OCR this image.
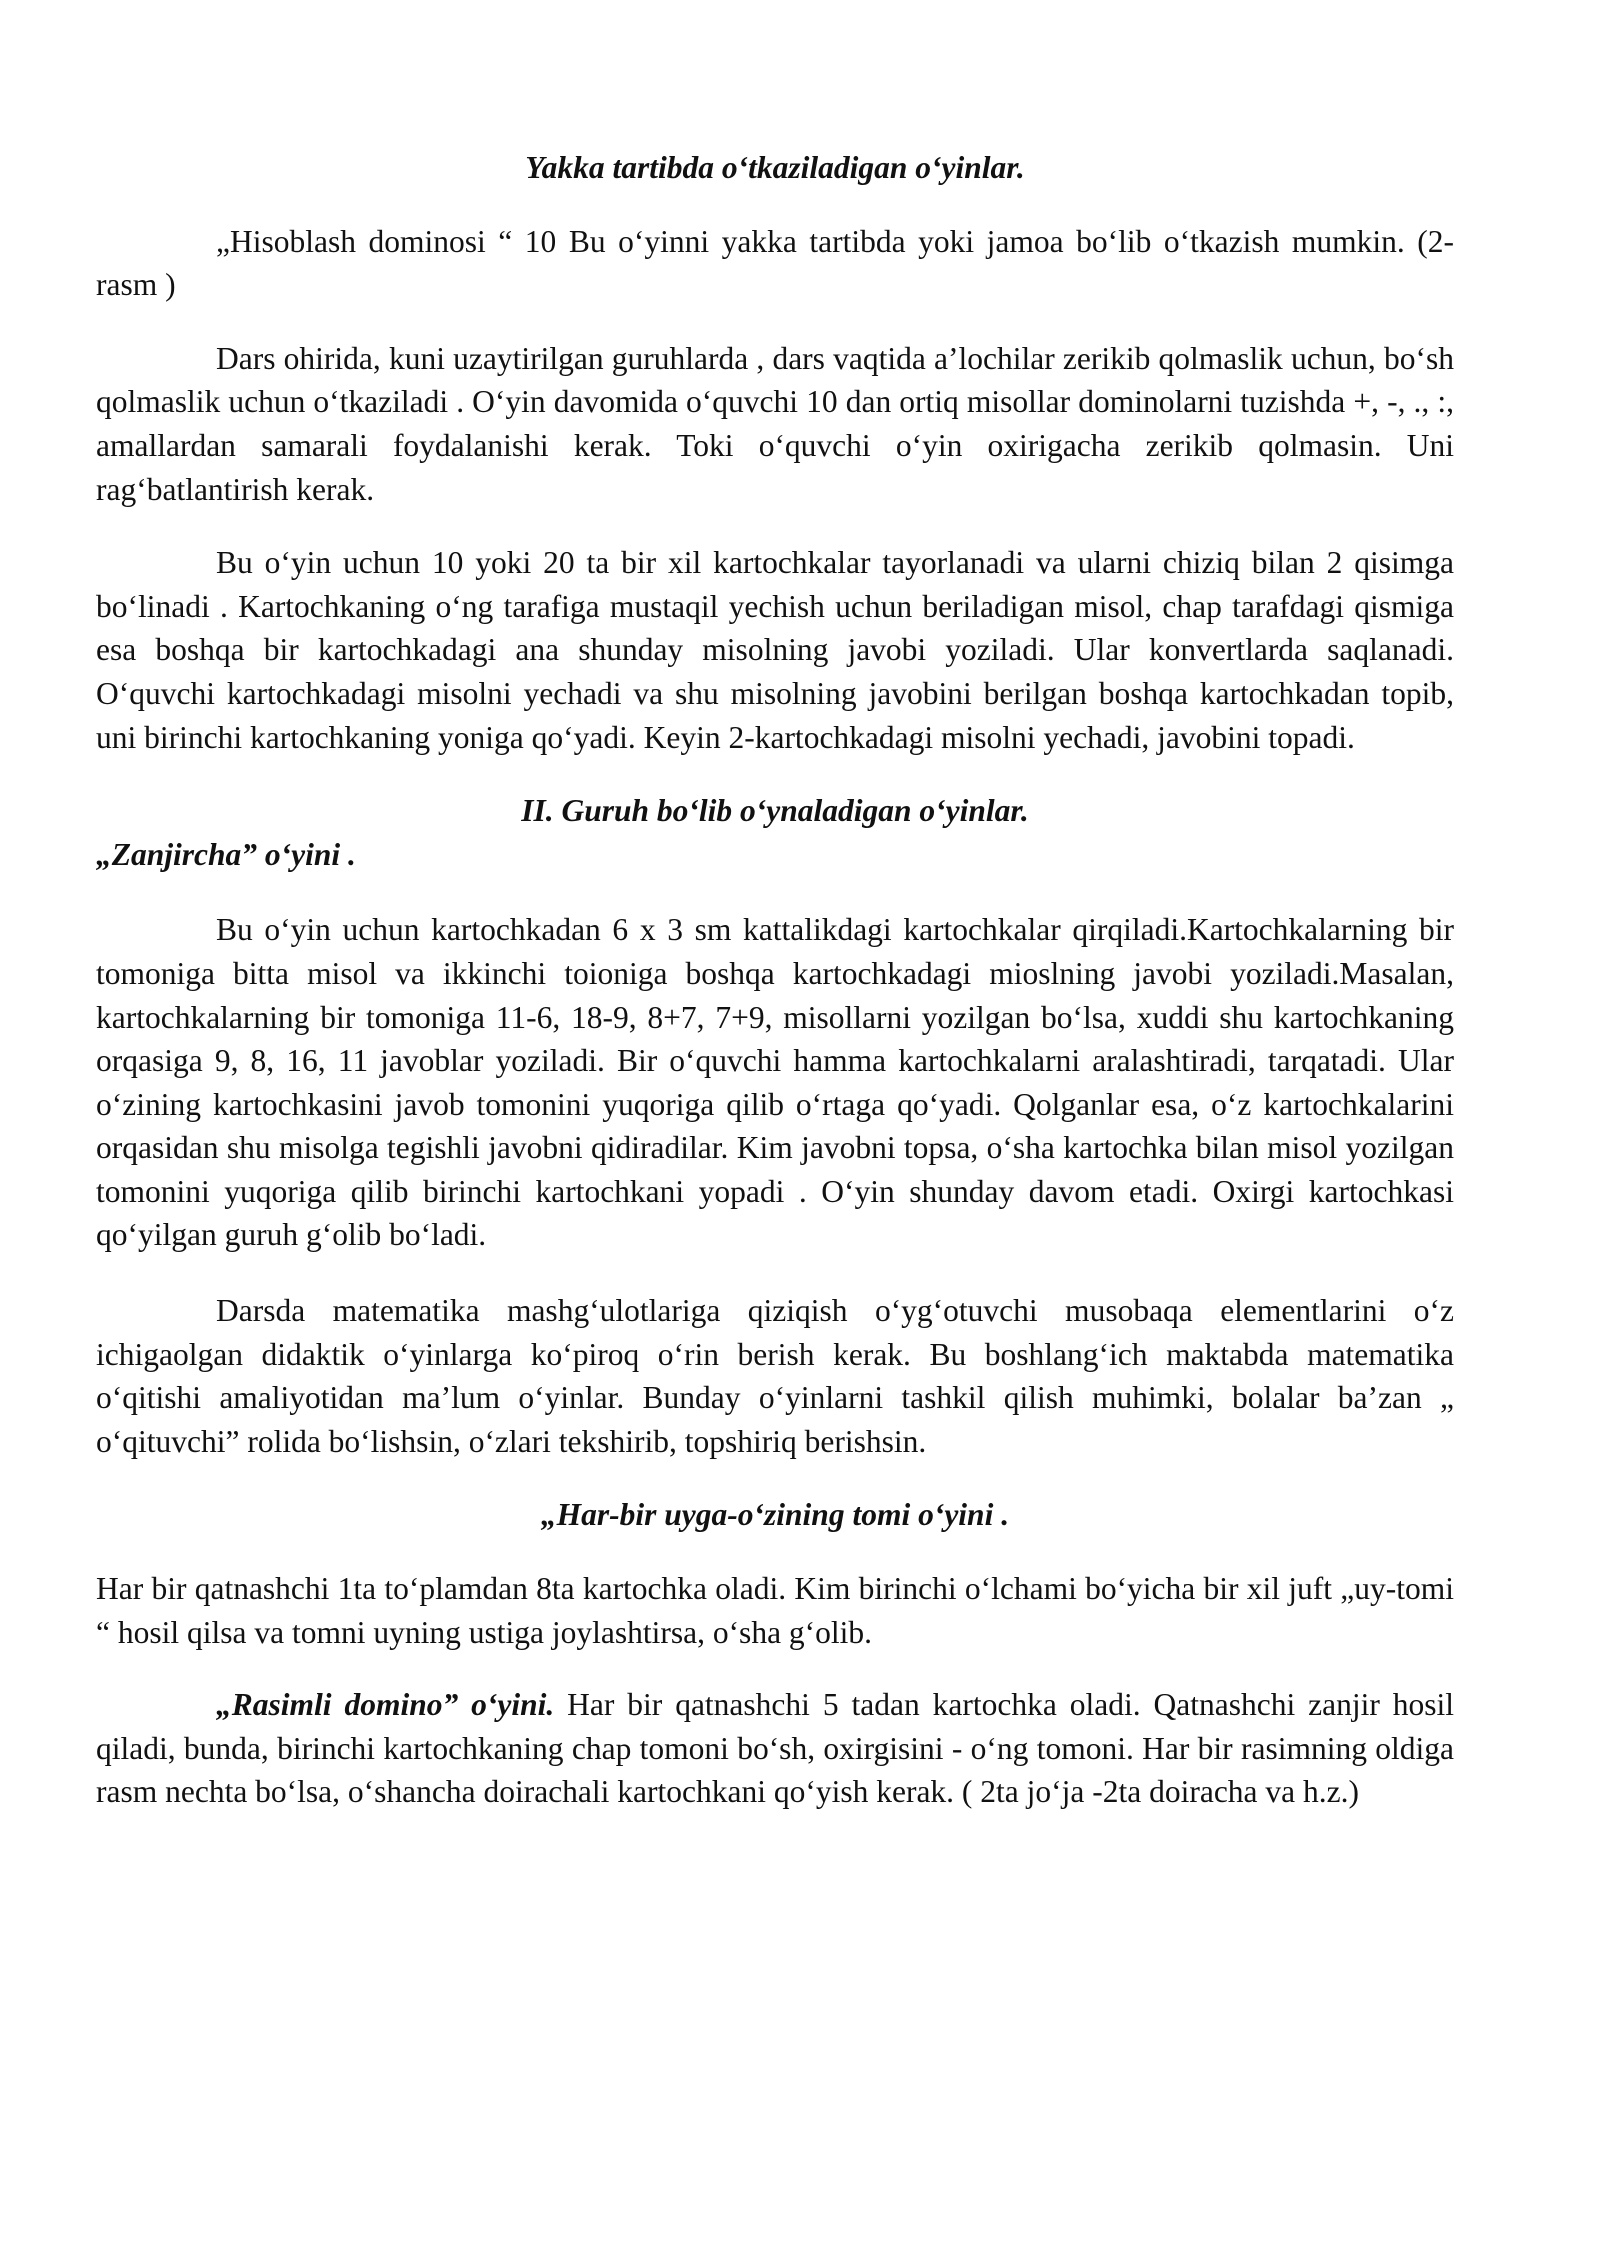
Yakka tartibda o‘tkaziladigan o‘yinlar.

„Hisoblash dominosi “ 10 Bu o‘yinni yakka tartibda yoki jamoa bo‘lib o‘tkazish mumkin. (2- rasm )

Dars ohirida, kuni uzaytirilgan guruhlarda , dars vaqtida a’lochilar zerikib qolmaslik uchun, bo‘sh qolmaslik uchun o‘tkaziladi . O‘yin davomida o‘quvchi 10 dan ortiq misollar dominolarni tuzishda +, -, ., :, amallardan samarali foydalanishi kerak. Toki o‘quvchi o‘yin oxirigacha zerikib qolmasin. Uni rag‘batlantirish kerak.

Bu o‘yin uchun 10 yoki 20 ta bir xil kartochkalar tayorlanadi va ularni chiziq bilan 2 qisimga bo‘linadi . Kartochkaning o‘ng tarafiga mustaqil yechish uchun beriladigan misol, chap tarafdagi qismiga esa boshqa bir kartochkadagi ana shunday misolning javobi yoziladi. Ular konvertlarda saqlanadi. O‘quvchi kartochkadagi misolni yechadi va shu misolning javobini berilgan boshqa kartochkadan topib, uni birinchi kartochkaning yoniga qo‘yadi. Keyin 2-kartochkadagi misolni yechadi, javobini topadi.

II. Guruh bo‘lib o‘ynaladigan o‘yinlar.

„Zanjircha” o‘yini .

Bu o‘yin uchun kartochkadan 6 x 3 sm kattalikdagi kartochkalar qirqiladi.Kartochkalarning bir tomoniga bitta misol va ikkinchi toioniga boshqa kartochkadagi mioslning javobi yoziladi.Masalan, kartochkalarning bir tomoniga 11-6, 18-9, 8+7, 7+9, misollarni yozilgan bo‘lsa, xuddi shu kartochkaning orqasiga 9, 8, 16, 11 javoblar yoziladi. Bir o‘quvchi hamma kartochkalarni aralashtiradi, tarqatadi. Ular o‘zining kartochkasini javob tomonini yuqoriga qilib o‘rtaga qo‘yadi. Qolganlar esa, o‘z kartochkalarini orqasidan shu misolga tegishli javobni qidiradilar. Kim javobni topsa, o‘sha kartochka bilan misol yozilgan tomonini yuqoriga qilib birinchi kartochkani yopadi . O‘yin shunday davom etadi. Oxirgi kartochkasi qo‘yilgan guruh g‘olib bo‘ladi.

Darsda matematika mashg‘ulotlariga qiziqish o‘yg‘otuvchi musobaqa elementlarini o‘z ichigaolgan didaktik o‘yinlarga ko‘piroq o‘rin berish kerak. Bu boshlang‘ich maktabda matematika o‘qitishi amaliyotidan ma’lum o‘yinlar. Bunday o‘yinlarni tashkil qilish muhimki, bolalar ba’zan „ o‘qituvchi” rolida bo‘lishsin, o‘zlari tekshirib, topshiriq berishsin.

„Har-bir uyga-o‘zining tomi o‘yini .

Har bir qatnashchi 1ta to‘plamdan 8ta kartochka oladi. Kim birinchi o‘lchami bo‘yicha bir xil juft „uy-tomi “ hosil qilsa va tomni uyning ustiga joylashtirsa, o‘sha g‘olib.

„Rasimli domino” o‘yini. Har bir qatnashchi 5 tadan kartochka oladi. Qatnashchi zanjir hosil qiladi, bunda, birinchi kartochkaning chap tomoni bo‘sh, oxirgisini - o‘ng tomoni. Har bir rasimning oldiga rasm nechta bo‘lsa, o‘shancha doirachali kartochkani qo‘yish kerak. ( 2ta jo‘ja -2ta doiracha va h.z.)
